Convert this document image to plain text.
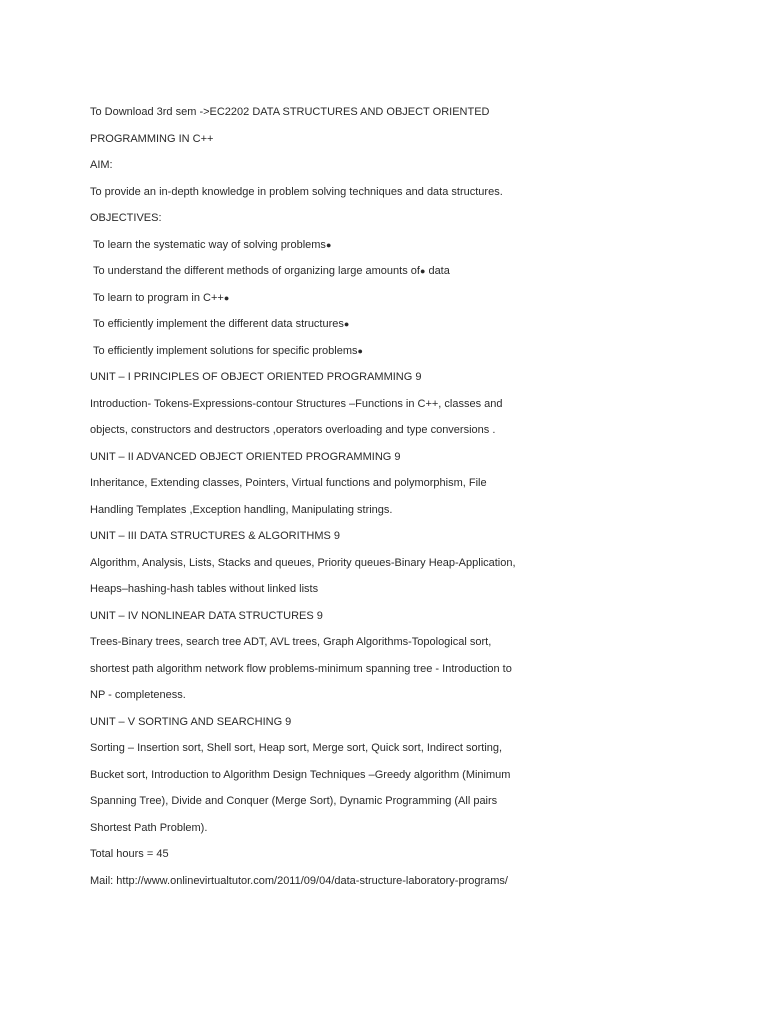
To Download 3rd sem ->EC2202 DATA STRUCTURES AND OBJECT ORIENTED
PROGRAMMING IN C++
AIM:
To provide an in-depth knowledge in problem solving techniques and data structures.
OBJECTIVES:
To learn the systematic way of solving problems●
To understand the different methods of organizing large amounts of● data
To learn to program in C++●
To efficiently implement the different data structures●
To efficiently implement solutions for specific problems●
UNIT – I PRINCIPLES OF OBJECT ORIENTED PROGRAMMING 9
Introduction- Tokens-Expressions-contour Structures –Functions in C++, classes and
objects, constructors and destructors ,operators overloading and type conversions .
UNIT – II ADVANCED OBJECT ORIENTED PROGRAMMING 9
Inheritance, Extending classes, Pointers, Virtual functions and polymorphism, File
Handling Templates ,Exception handling, Manipulating strings.
UNIT – III DATA STRUCTURES & ALGORITHMS 9
Algorithm, Analysis, Lists, Stacks and queues, Priority queues-Binary Heap-Application,
Heaps–hashing-hash tables without linked lists
UNIT – IV NONLINEAR DATA STRUCTURES 9
Trees-Binary trees, search tree ADT, AVL trees, Graph Algorithms-Topological sort,
shortest path algorithm network flow problems-minimum spanning tree - Introduction to
NP - completeness.
UNIT – V SORTING AND SEARCHING 9
Sorting – Insertion sort, Shell sort, Heap sort, Merge sort, Quick sort, Indirect sorting,
Bucket sort, Introduction to Algorithm Design Techniques –Greedy algorithm (Minimum
Spanning Tree), Divide and Conquer (Merge Sort), Dynamic Programming (All pairs
Shortest Path Problem).
Total hours = 45
Mail: http://www.onlinevirtualtutor.com/2011/09/04/data-structure-laboratory-programs/
